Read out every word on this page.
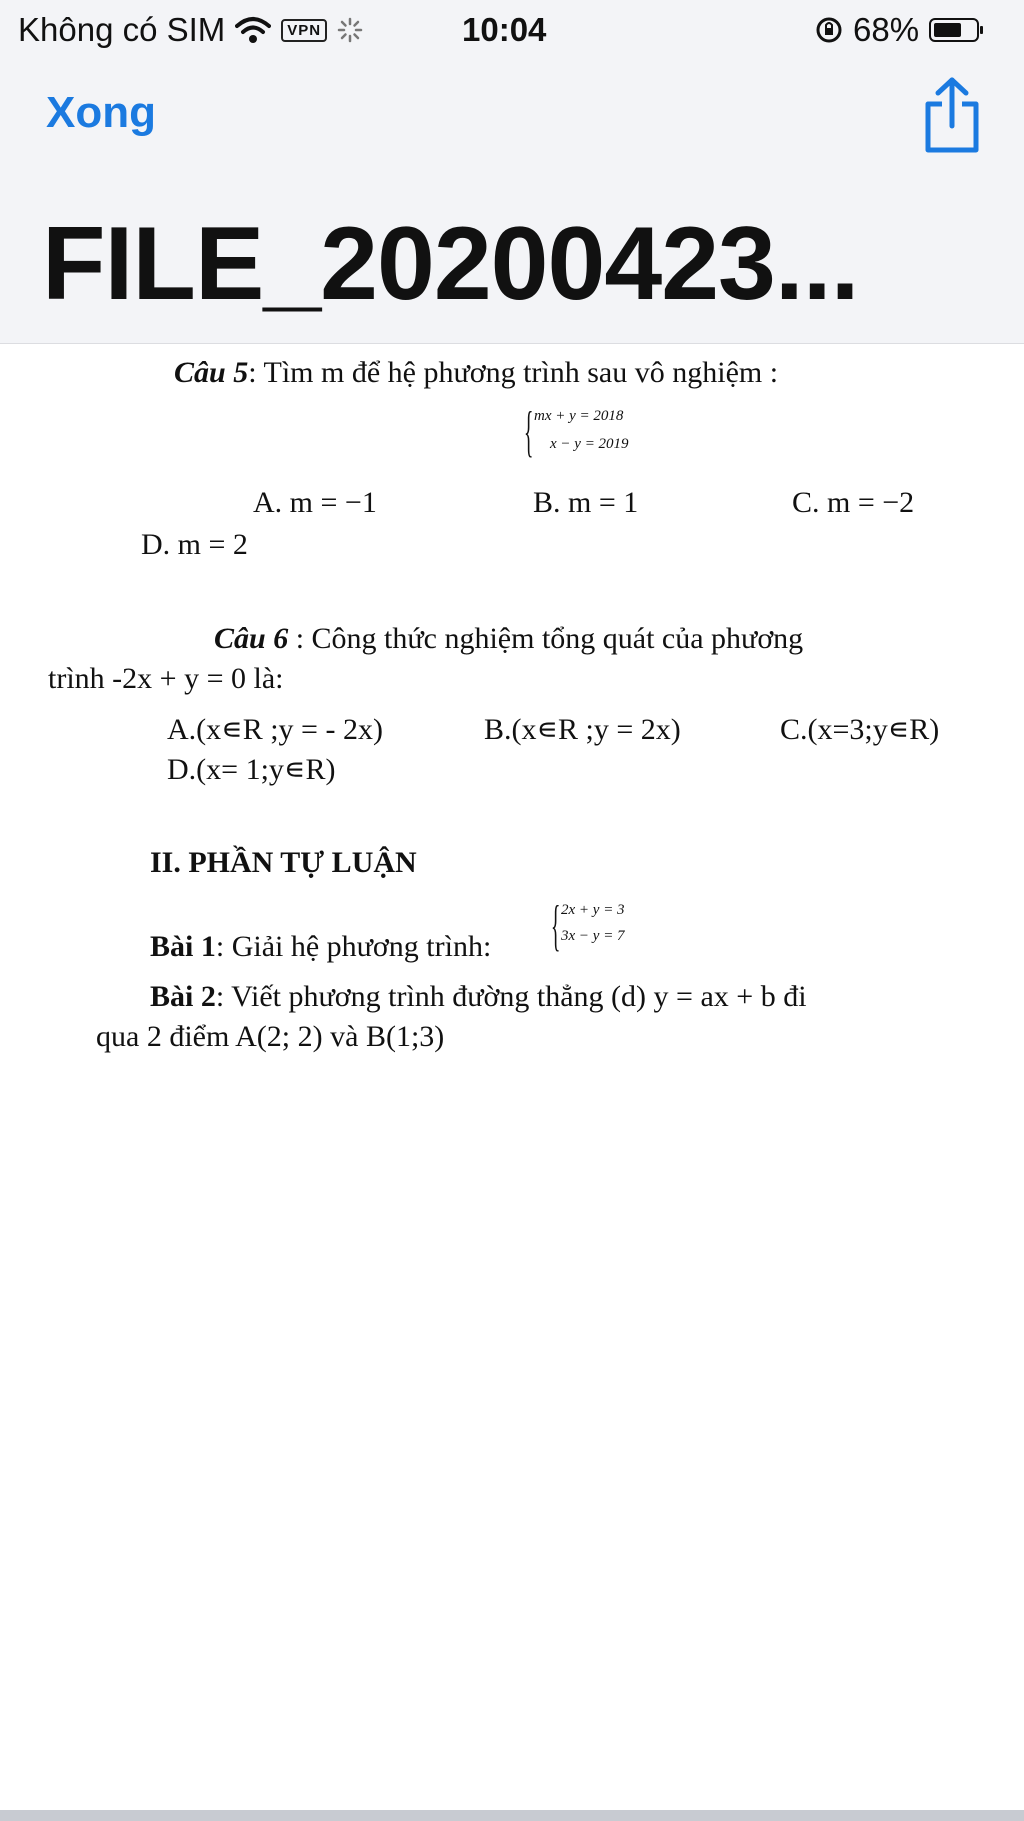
Không có SIM	VPN	10:04	68%
Xong
FILE_20200423...
Câu 5: Tìm m để hệ phương trình sau vô nghiệm :
{ mx + y = 2018
x − y = 2019
A. m = −1	B. m = 1	C. m = −2
D. m = 2
Câu 6 : Công thức nghiệm tổng quát của phương
trình -2x + y = 0 là:
A.(x∊R ;y = - 2x)	B.(x∊R ;y = 2x)	C.(x=3;y∊R)
D.(x= 1;y∊R)
II. PHẦN TỰ LUẬN
Bài 1: Giải hệ phương trình: { 2x + y = 3
3x − y = 7
Bài 2: Viết phương trình đường thẳng (d) y = ax + b đi
qua 2 điểm A(2; 2) và B(1;3)
